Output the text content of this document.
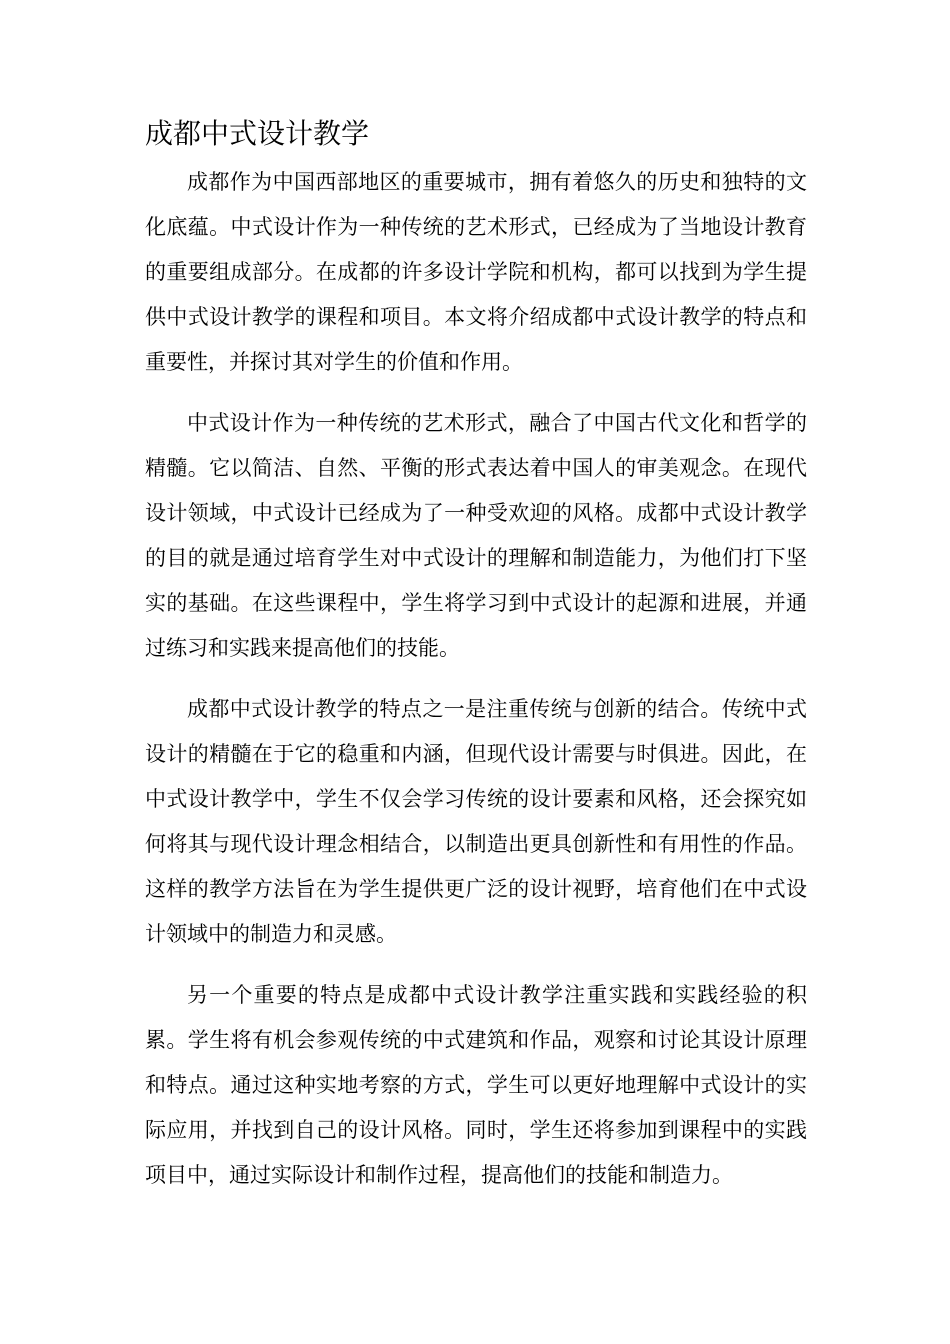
成都中式设计教学

成都作为中国西部地区的重要城市，拥有着悠久的历史和独特的文化底蕴。中式设计作为一种传统的艺术形式，已经成为了当地设计教育的重要组成部分。在成都的许多设计学院和机构，都可以找到为学生提供中式设计教学的课程和项目。本文将介绍成都中式设计教学的特点和重要性，并探讨其对学生的价值和作用。

中式设计作为一种传统的艺术形式，融合了中国古代文化和哲学的精髓。它以简洁、自然、平衡的形式表达着中国人的审美观念。在现代设计领域，中式设计已经成为了一种受欢迎的风格。成都中式设计教学的目的就是通过培育学生对中式设计的理解和制造能力，为他们打下坚实的基础。在这些课程中，学生将学习到中式设计的起源和进展，并通过练习和实践来提高他们的技能。

成都中式设计教学的特点之一是注重传统与创新的结合。传统中式设计的精髓在于它的稳重和内涵，但现代设计需要与时俱进。因此，在中式设计教学中，学生不仅会学习传统的设计要素和风格，还会探究如何将其与现代设计理念相结合，以制造出更具创新性和有用性的作品。这样的教学方法旨在为学生提供更广泛的设计视野，培育他们在中式设计领域中的制造力和灵感。

另一个重要的特点是成都中式设计教学注重实践和实践经验的积累。学生将有机会参观传统的中式建筑和作品，观察和讨论其设计原理和特点。通过这种实地考察的方式，学生可以更好地理解中式设计的实际应用，并找到自己的设计风格。同时，学生还将参加到课程中的实践项目中，通过实际设计和制作过程，提高他们的技能和制造力。
